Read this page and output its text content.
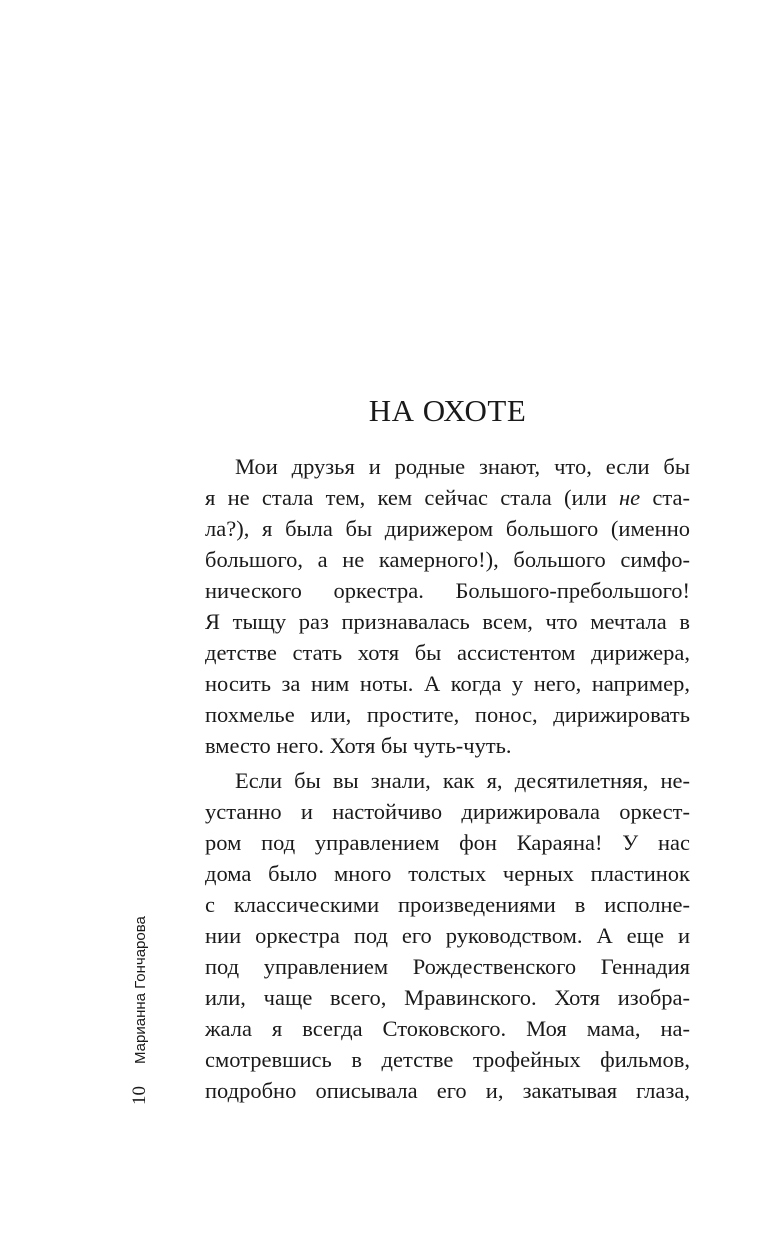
НА ОХОТЕ
Мои друзья и родные знают, что, если бы
я не стала тем, кем сейчас стала (или не ста-
ла?), я была бы дирижером большого (именно
большого, а не камерного!), большого симфо-
нического оркестра. Большого-пребольшого!
Я тыщу раз признавалась всем, что мечтала в
детстве стать хотя бы ассистентом дирижера,
носить за ним ноты. А когда у него, например,
похмелье или, простите, понос, дирижировать
вместо него. Хотя бы чуть-чуть.
Если бы вы знали, как я, десятилетняя, не-
устанно и настойчиво дирижировала оркест-
ром под управлением фон Караяна! У нас
дома было много толстых черных пластинок
с классическими произведениями в исполне-
нии оркестра под его руководством. А еще и
под управлением Рождественского Геннадия
или, чаще всего, Мравинского. Хотя изобра-
жала я всегда Стоковского. Моя мама, на-
смотревшись в детстве трофейных фильмов,
подробно описывала его и, закатывая глаза,
10
Марианна Гончарова
